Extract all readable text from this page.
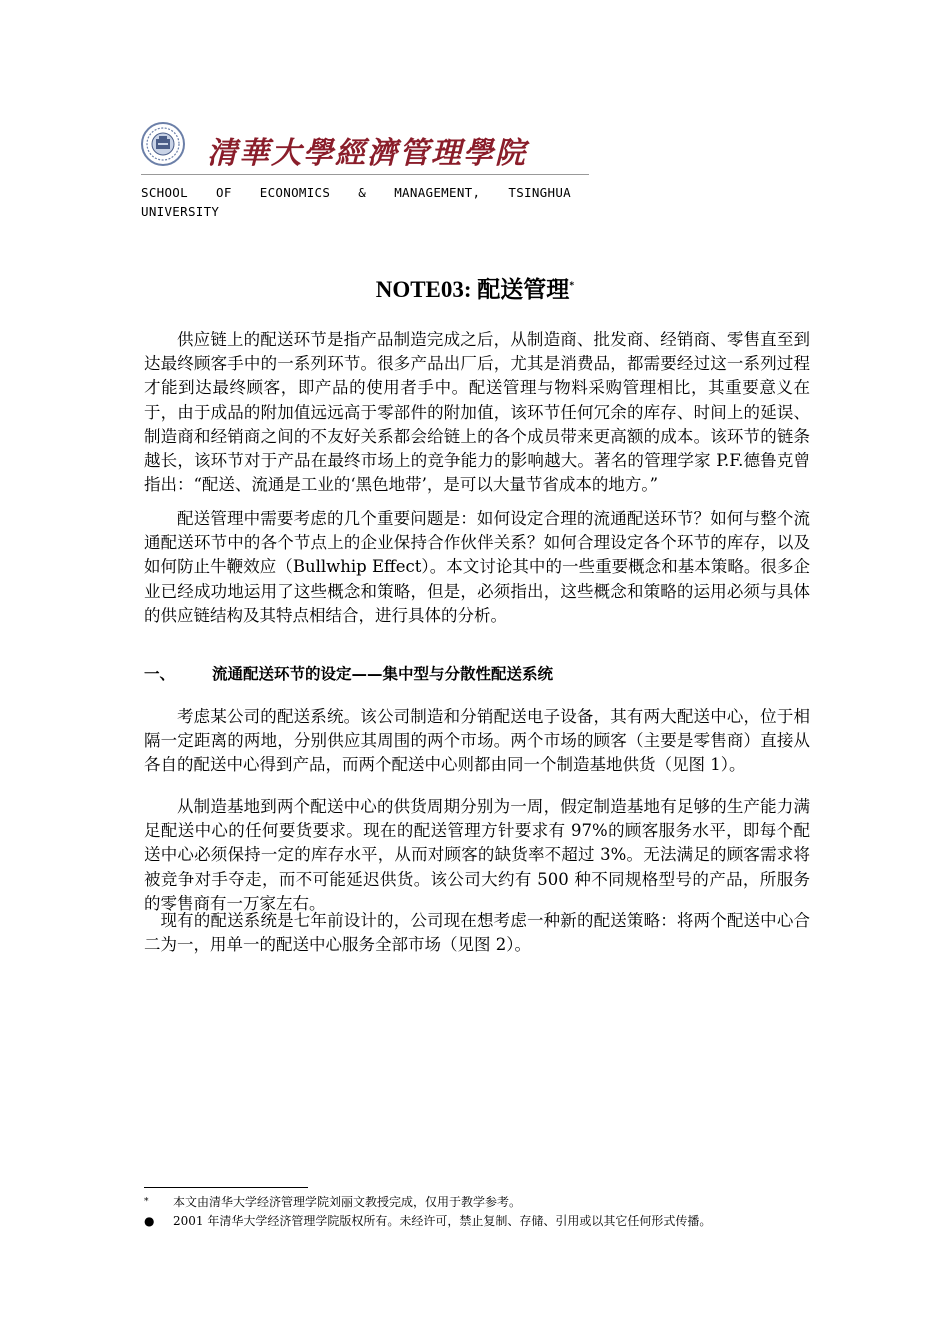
清華大學經濟管理學院
SCHOOL OF ECONOMICS & MANAGEMENT, TSINGHUA
UNIVERSITY
NOTE03: 配送管理*
供应链上的配送环节是指产品制造完成之后，从制造商、批发商、经销商、零售直至到达最终顾客手中的一系列环节。很多产品出厂后，尤其是消费品，都需要经过这一系列过程才能到达最终顾客，即产品的使用者手中。配送管理与物料采购管理相比，其重要意义在于，由于成品的附加值远远高于零部件的附加值，该环节任何冗余的库存、时间上的延误、制造商和经销商之间的不友好关系都会给链上的各个成员带来更高额的成本。该环节的链条越长，该环节对于产品在最终市场上的竞争能力的影响越大。著名的管理学家 P.F.德鲁克曾指出：“配送、流通是工业的‘黑色地带’，是可以大量节省成本的地方。”
配送管理中需要考虑的几个重要问题是：如何设定合理的流通配送环节？如何与整个流通配送环节中的各个节点上的企业保持合作伙伴关系？如何合理设定各个环节的库存，以及如何防止牛鞭效应（Bullwhip Effect）。本文讨论其中的一些重要概念和基本策略。很多企业已经成功地运用了这些概念和策略，但是，必须指出，这些概念和策略的运用必须与具体的供应链结构及其特点相结合，进行具体的分析。
一、 流通配送环节的设定——集中型与分散性配送系统
考虑某公司的配送系统。该公司制造和分销配送电子设备，其有两大配送中心，位于相隔一定距离的两地，分别供应其周围的两个市场。两个市场的顾客（主要是零售商）直接从各自的配送中心得到产品，而两个配送中心则都由同一个制造基地供货（见图 1）。
从制造基地到两个配送中心的供货周期分别为一周，假定制造基地有足够的生产能力满足配送中心的任何要货要求。现在的配送管理方针要求有 97%的顾客服务水平，即每个配送中心必须保持一定的库存水平，从而对顾客的缺货率不超过 3%。无法满足的顾客需求将被竞争对手夺走，而不可能延迟供货。该公司大约有 500 种不同规格型号的产品，所服务的零售商有一万家左右。
现有的配送系统是七年前设计的，公司现在想考虑一种新的配送策略：将两个配送中心合二为一，用单一的配送中心服务全部市场（见图 2）。
* 本文由清华大学经济管理学院刘丽文教授完成，仅用于教学参考。
● 2001 年清华大学经济管理学院版权所有。未经许可，禁止复制、存储、引用或以其它任何形式传播。
